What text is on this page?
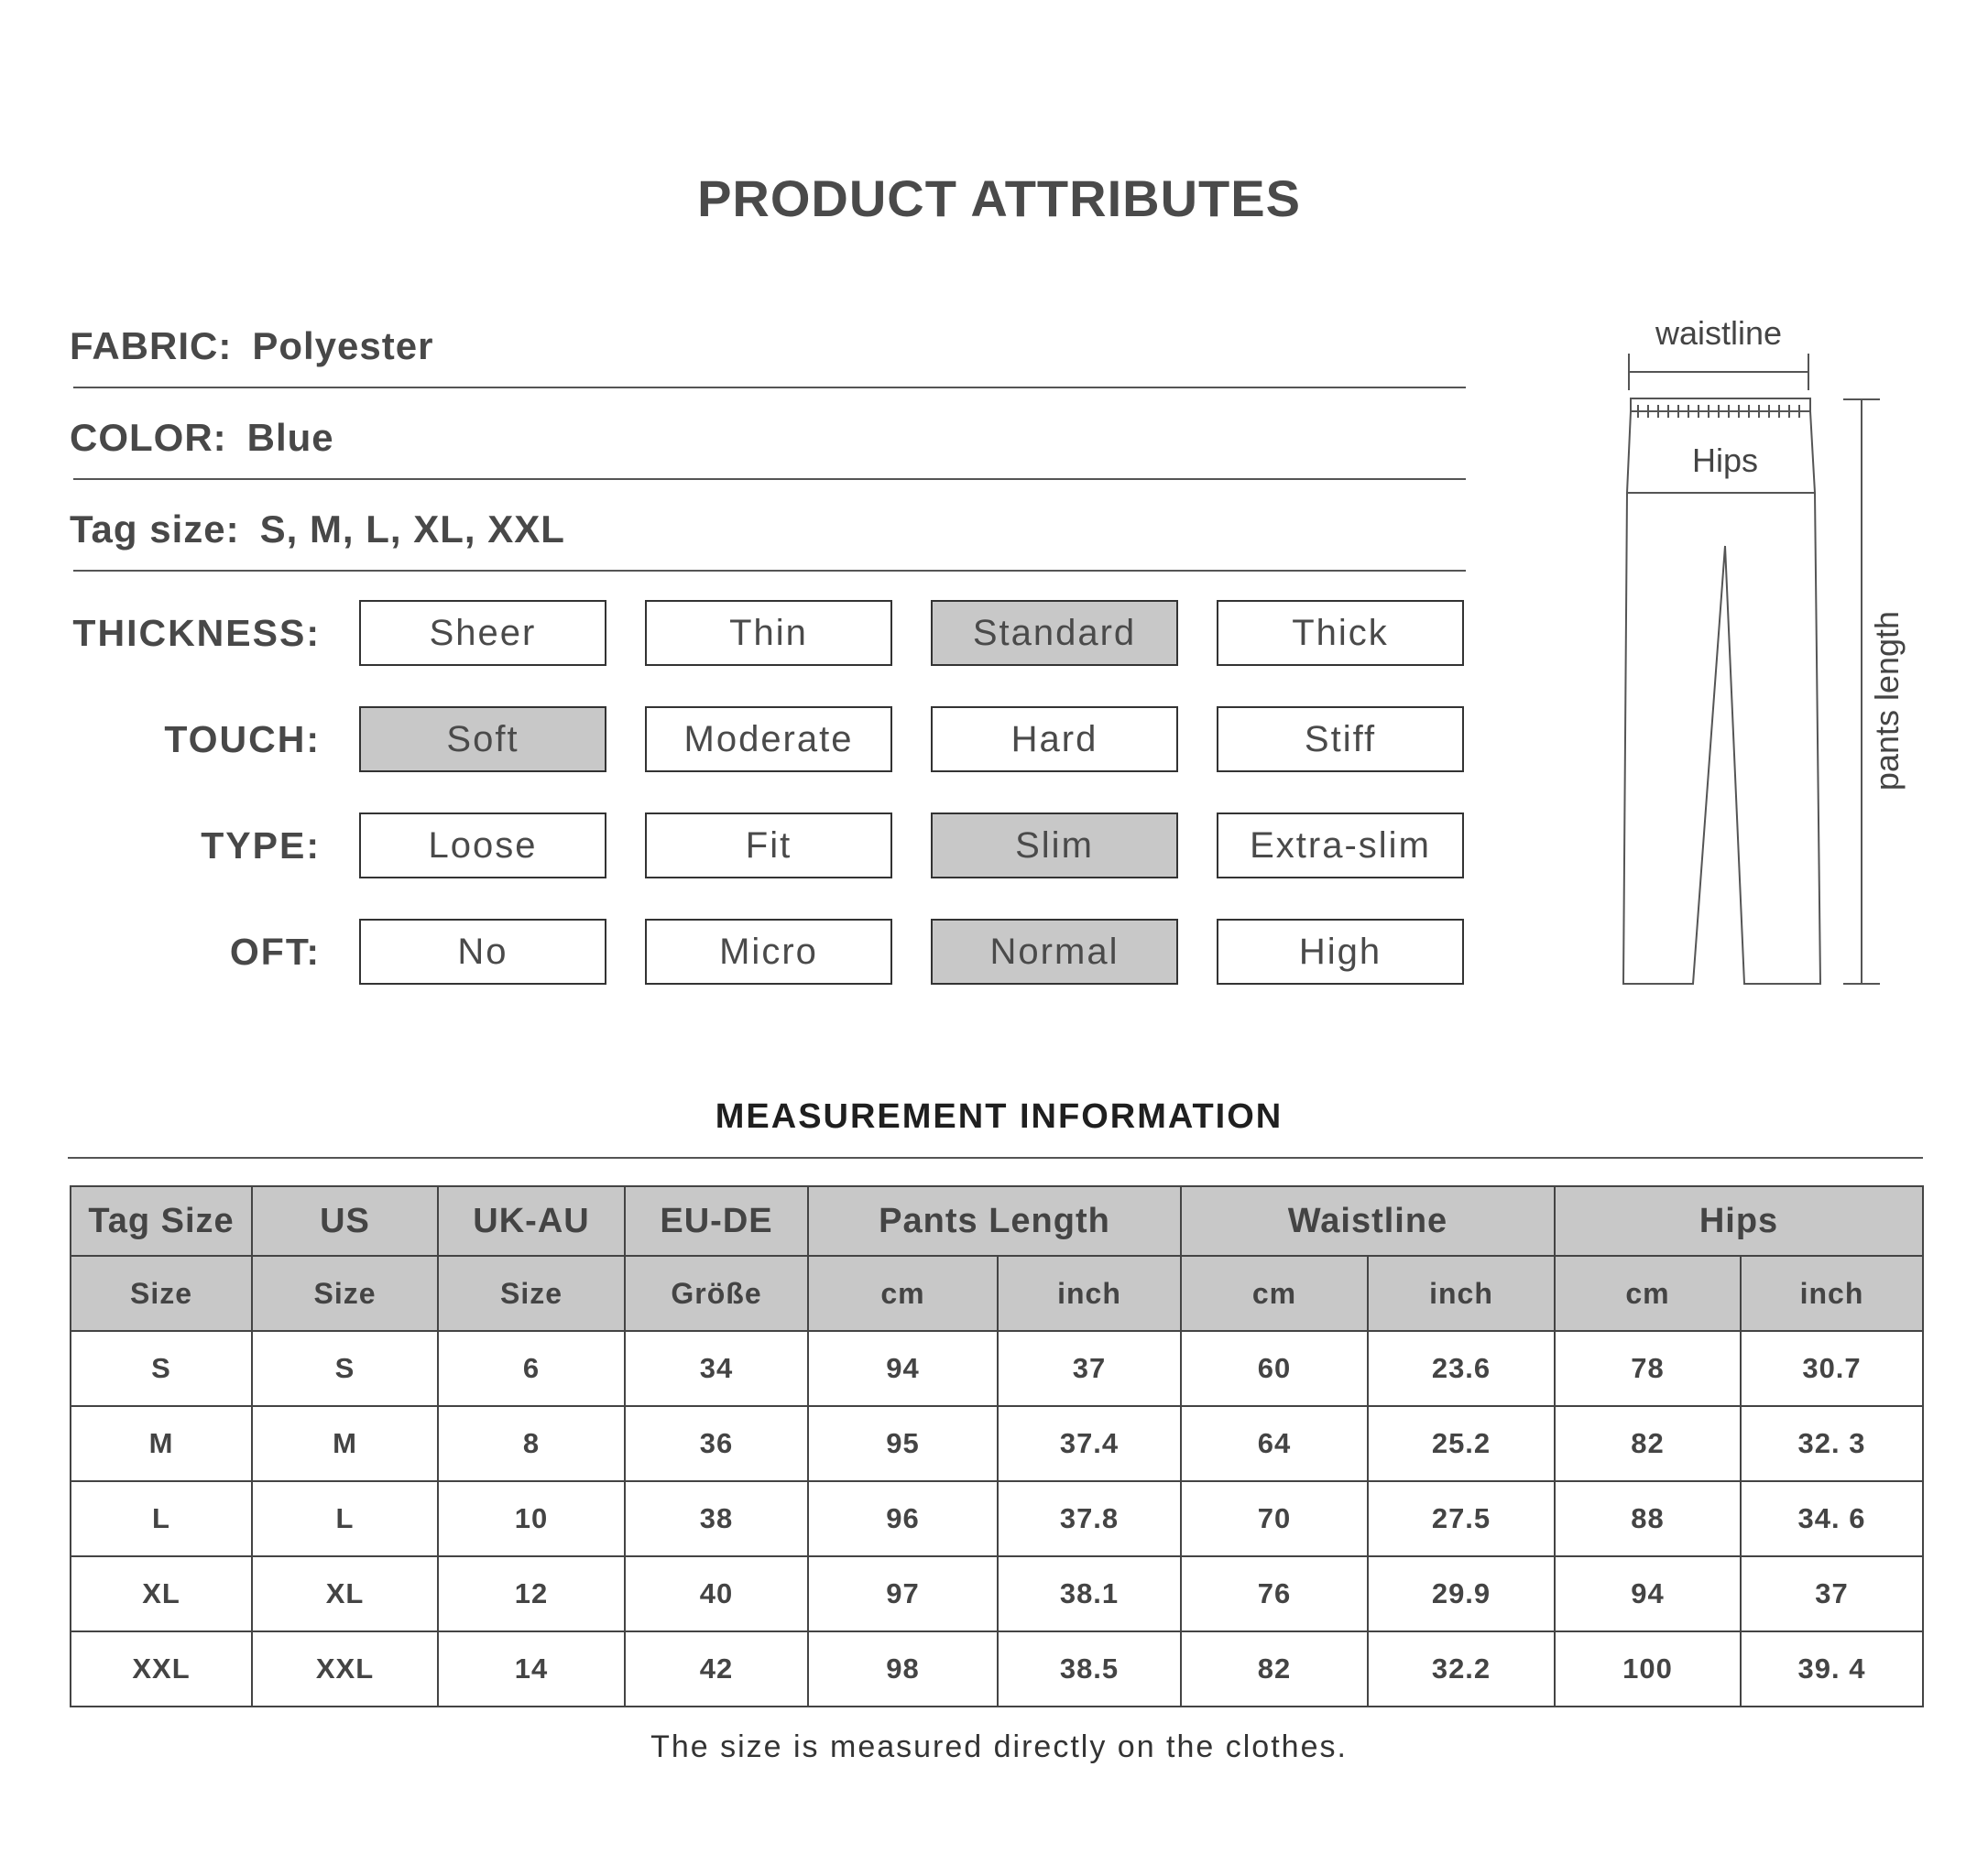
PRODUCT ATTRIBUTES
FABRIC: Polyester
COLOR: Blue
Tag size: S, M, L, XL, XXL
THICKNESS:	Sheer	Thin	Standard	Thick
TOUCH:	Soft	Moderate	Hard	Stiff
TYPE:	Loose	Fit	Slim	Extra-slim
OFT:	No	Micro	Normal	High
waistline
Hips
pants length
MEASUREMENT INFORMATION
Tag Size	US	UK-AU	EU-DE	Pants Length		Waistline		Hips	
Size	Size	Size	Größe	cm	inch	cm	inch	cm	inch
S	S	6	34	94	37	60	23.6	78	30.7
M	M	8	36	95	37.4	64	25.2	82	32. 3
L	L	10	38	96	37.8	70	27.5	88	34. 6
XL	XL	12	40	97	38.1	76	29.9	94	37
XXL	XXL	14	42	98	38.5	82	32.2	100	39. 4
The size is measured directly on the clothes.
